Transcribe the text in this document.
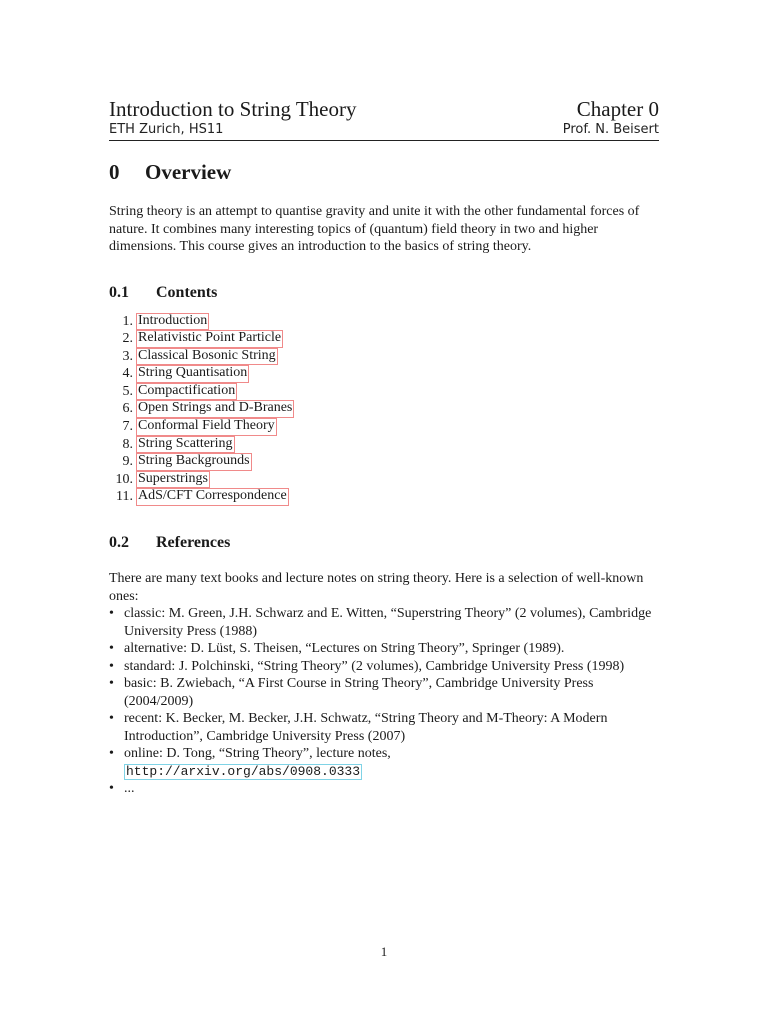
Introduction to String Theory	Chapter 0
ETH Zurich, HS11	Prof. N. Beisert
0 Overview

String theory is an attempt to quantise gravity and unite it with the other fundamental forces of nature. It combines many interesting topics of (quantum) field theory in two and higher dimensions. This course gives an introduction to the basics of string theory.

0.1 Contents
1. Introduction
2. Relativistic Point Particle
3. Classical Bosonic String
4. String Quantisation
5. Compactification
6. Open Strings and D-Branes
7. Conformal Field Theory
8. String Scattering
9. String Backgrounds
10. Superstrings
11. AdS/CFT Correspondence
0.2 References

There are many text books and lecture notes on string theory. Here is a selection of well-known ones:

• classic: M. Green, J.H. Schwarz and E. Witten, “Superstring Theory” (2 volumes), Cambridge University Press (1988)
• alternative: D. Lüst, S. Theisen, “Lectures on String Theory”, Springer (1989).
• standard: J. Polchinski, “String Theory” (2 volumes), Cambridge University Press (1998)
• basic: B. Zwiebach, “A First Course in String Theory”, Cambridge University Press (2004/2009)
• recent: K. Becker, M. Becker, J.H. Schwatz, “String Theory and M-Theory: A Modern Introduction”, Cambridge University Press (2007)
• online: D. Tong, “String Theory”, lecture notes,
http://arxiv.org/abs/0908.0333
• ...
1
